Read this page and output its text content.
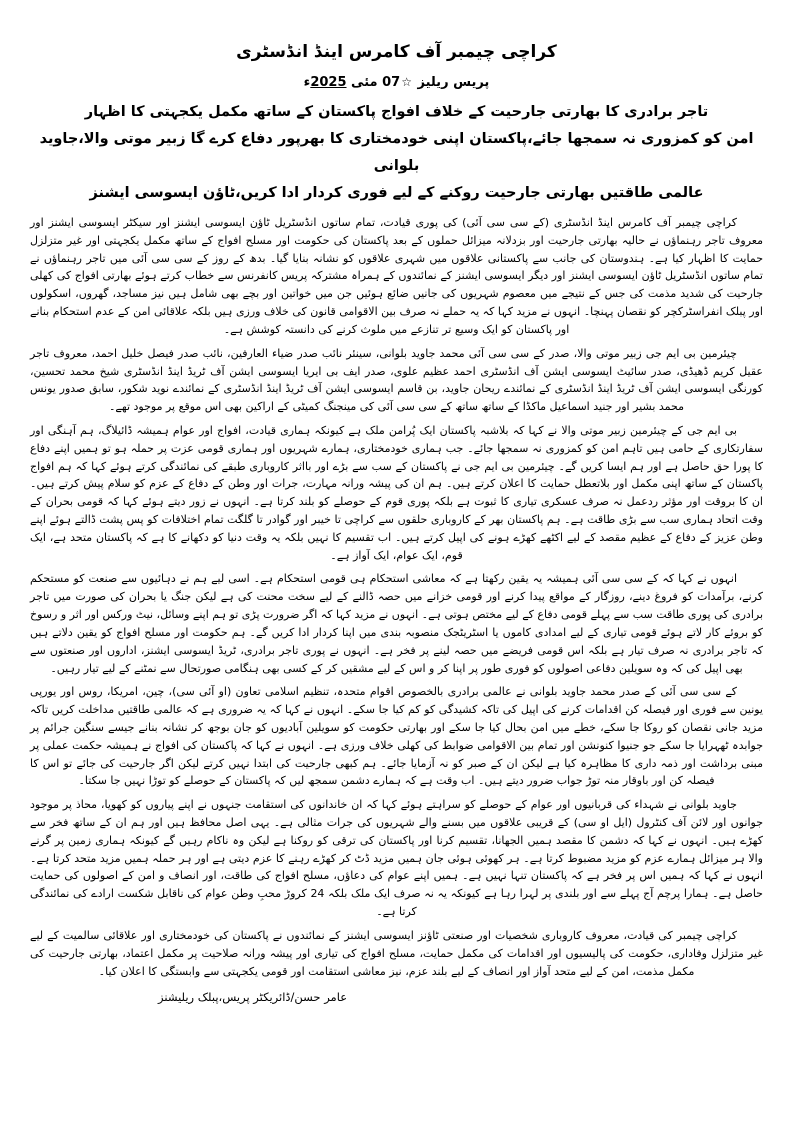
کراچی چیمبر آف کامرس اینڈ انڈسٹری
پریس ریلیز ☆07 مئی 2025ء
تاجر برادری کا بھارتی جارحیت کے خلاف افواج پاکستان کے ساتھ مکمل یکجہتی کا اظہار
امن کو کمزوری نہ سمجھا جائے،پاکستان اپنی خودمختاری کا بھرپور دفاع کرے گا زبیر موتی والا،جاوید بلوانی
عالمی طاقتیں بھارتی جارحیت روکنے کے لیے فوری کردار ادا کریں،ٹاؤن ایسوسی ایشنز

کراچی چیمبر آف کامرس اینڈ انڈسٹری (کے سی سی آئی) کی پوری قیادت، تمام ساتوں انڈسٹریل ٹاؤن ایسوسی ایشنز اور سیکٹر ایسوسی ایشنز اور معروف تاجر رہنماؤں نے حالیہ بھارتی جارحیت اور بزدلانہ میزائل حملوں کے بعد پاکستان کی حکومت اور مسلح افواج کے ساتھ مکمل یکجہتی اور غیر متزلزل حمایت کا اظہار کیا ہے۔ ہندوستان کی جانب سے پاکستانی علاقوں میں شہری علاقوں کو نشانہ بنایا گیا۔ بدھ کے روز کے سی سی آئی میں تاجر رہنماؤں نے تمام ساتوں انڈسٹریل ٹاؤن ایسوسی ایشنز اور دیگر ایسوسی ایشنز کے نمائندوں کے ہمراہ مشترکہ پریس کانفرنس سے خطاب کرتے ہوئے بھارتی افواج کی کھلی جارحیت کی شدید مذمت کی جس کے نتیجے میں معصوم شہریوں کی جانیں ضائع ہوئیں جن میں خواتین اور بچے بھی شامل ہیں نیز مساجد، گھروں، اسکولوں اور پبلک انفراسٹرکچر کو نقصان پہنچا۔ انہوں نے مزید کہا کہ یہ حملے نہ صرف بین الاقوامی قانون کی خلاف ورزی ہیں بلکہ علاقائی امن کے عدم استحکام بنانے اور پاکستان کو ایک وسیع تر تنازعے میں ملوث کرنے کی دانستہ کوشش ہے۔

چیئرمین بی ایم جی زبیر موتی والا، صدر کے سی سی آئی محمد جاوید بلوانی، سینئر نائب صدر ضیاء العارفین، نائب صدر فیصل خلیل احمد، معروف تاجر عقیل کریم ڈھیڈی، صدر سائیٹ ایسوسی ایشن آف انڈسٹری احمد عظیم علوی، صدر ایف بی ایریا ایسوسی ایشن آف ٹریڈ اینڈ انڈسٹری شیخ محمد تحسین، کورنگی ایسوسی ایشن آف ٹریڈ اینڈ انڈسٹری کے نمائندے ریحان جاوید، بن قاسم ایسوسی ایشن آف ٹریڈ اینڈ انڈسٹری کے نمائندے نوید شکور، سابق صدور یونس محمد بشیر اور جنید اسماعیل ماکڈا کے ساتھ ساتھ کے سی سی آئی کی مینجنگ کمیٹی کے اراکین بھی اس موقع پر موجود تھے۔

بی ایم جی کے چیئرمین زبیر موتی والا نے کہا کہ بلاشبہ پاکستان ایک پُرامن ملک ہے کیونکہ ہماری قیادت، افواج اور عوام ہمیشہ ڈائیلاگ، ہم آہنگی اور سفارتکاری کے حامی ہیں تاہم امن کو کمزوری نہ سمجھا جائے۔ جب ہماری خودمختاری، ہمارے شہریوں اور ہماری قومی عزت پر حملہ ہو تو ہمیں اپنے دفاع کا پورا حق حاصل ہے اور ہم ایسا کریں گے۔ چیئرمین بی ایم جی نے پاکستان کے سب سے بڑے اور بااثر کاروباری طبقے کی نمائندگی کرتے ہوئے کہا کہ ہم افواج پاکستان کے ساتھ اپنی مکمل اور بلاتعطل حمایت کا اعلان کرتے ہیں۔ ہم ان کی پیشہ ورانہ مہارت، جرات اور وطن کے دفاع کے عزم کو سلام پیش کرتے ہیں۔ ان کا بروقت اور مؤثر ردعمل نہ صرف عسکری تیاری کا ثبوت ہے بلکہ پوری قوم کے حوصلے کو بلند کرتا ہے۔ انہوں نے زور دیتے ہوئے کہا کہ قومی بحران کے وقت اتحاد ہماری سب سے بڑی طاقت ہے۔ ہم پاکستان بھر کے کاروباری حلقوں سے کراچی تا خیبر اور گوادر تا گلگت تمام اختلافات کو پس پشت ڈالتے ہوئے اپنے وطن عزیز کے دفاع کے عظیم مقصد کے لیے اکٹھے کھڑے ہونے کی اپیل کرتے ہیں۔ اب تقسیم کا نہیں بلکہ یہ وقت دنیا کو دکھانے کا ہے کہ پاکستان متحد ہے، ایک قوم، ایک عوام، ایک آواز ہے۔

انہوں نے کہا کہ کے سی سی آئی ہمیشہ یہ یقین رکھتا ہے کہ معاشی استحکام ہی قومی استحکام ہے۔ اسی لیے ہم نے دہائیوں سے صنعت کو مستحکم کرنے، برآمدات کو فروغ دینے، روزگار کے مواقع پیدا کرنے اور قومی خزانے میں حصہ ڈالنے کے لیے سخت محنت کی ہے لیکن جنگ یا بحران کی صورت میں تاجر برادری کی پوری طاقت سب سے پہلے قومی دفاع کے لیے مختص ہوتی ہے۔ انہوں نے مزید کہا کہ اگر ضرورت پڑی تو ہم اپنے وسائل، نیٹ ورکس اور اثر و رسوخ کو بروئے کار لاتے ہوئے قومی تیاری کے لیے امدادی کاموں یا اسٹریٹجک منصوبہ بندی میں اپنا کردار ادا کریں گے۔ ہم حکومت اور مسلح افواج کو یقین دلاتے ہیں کہ تاجر برادری نہ صرف تیار ہے بلکہ اس قومی فریضے میں حصہ لینے پر فخر ہے۔ انہوں نے پوری تاجر برادری، ٹریڈ ایسوسی ایشنز، اداروں اور صنعتوں سے بھی اپیل کی کہ وہ سویلین دفاعی اصولوں کو فوری طور پر اپنا کر و اس کے لیے مشقیں کر کے کسی بھی ہنگامی صورتحال سے نمٹنے کے لیے تیار رہیں۔

کے سی سی آئی کے صدر محمد جاوید بلوانی نے عالمی برادری بالخصوص اقوام متحدہ، تنظیم اسلامی تعاون (او آئی سی)، چین، امریکا، روس اور یورپی یونین سے فوری اور فیصلہ کن اقدامات کرنے کی اپیل کی تاکہ کشیدگی کو کم کیا جا سکے۔ انہوں نے کہا کہ یہ ضروری ہے کہ عالمی طاقتیں مداخلت کریں تاکہ مزید جانی نقصان کو روکا جا سکے، خطے میں امن بحال کیا جا سکے اور بھارتی حکومت کو سویلین آبادیوں کو جان بوجھ کر نشانہ بنانے جیسے سنگین جرائم پر جوابدہ ٹھہرایا جا سکے جو جنیوا کنونشن اور تمام بین الاقوامی ضوابط کی کھلی خلاف ورزی ہے۔ انہوں نے کہا کہ پاکستان کی افواج نے ہمیشہ حکمت عملی پر مبنی برداشت اور ذمہ داری کا مظاہرہ کیا ہے لیکن ان کے صبر کو نہ آزمایا جائے۔ ہم کبھی جارحیت کی ابتدا نہیں کرتے لیکن اگر جارحیت کی جائے تو اس کا فیصلہ کن اور باوقار منہ توڑ جواب ضرور دیتے ہیں۔ اب وقت ہے کہ ہمارے دشمن سمجھ لیں کہ پاکستان کے حوصلے کو توڑا نہیں جا سکتا۔

جاوید بلوانی نے شہداء کی قربانیوں اور عوام کے حوصلے کو سراہتے ہوئے کہا کہ ان خاندانوں کی استقامت جنہوں نے اپنے پیاروں کو کھویا، محاذ پر موجود جوانوں اور لائن آف کنٹرول (ایل او سی) کے قریبی علاقوں میں بسنے والے شہریوں کی جرات مثالی ہے۔ یہی اصل محافظ ہیں اور ہم ان کے ساتھ فخر سے کھڑے ہیں۔ انہوں نے کہا کہ دشمن کا مقصد ہمیں الجھانا، تقسیم کرنا اور پاکستان کی ترقی کو روکنا ہے لیکن وہ ناکام رہیں گے کیونکہ ہماری زمین پر گرنے والا ہر میزائل ہمارے عزم کو مزید مضبوط کرتا ہے۔ ہر کھوئی ہوئی جان ہمیں مزید ڈٹ کر کھڑے رہنے کا عزم دیتی ہے اور ہر حملہ ہمیں مزید متحد کرتا ہے۔ انہوں نے کہا کہ ہمیں اس پر فخر ہے کہ پاکستان تنہا نہیں ہے۔ ہمیں اپنے عوام کی دعاؤں، مسلح افواج کی طاقت، اور انصاف و امن کے اصولوں کی حمایت حاصل ہے۔ ہمارا پرچم آج پہلے سے اور بلندی پر لہرا رہا ہے کیونکہ یہ نہ صرف ایک ملک بلکہ 24 کروڑ محبِ وطن عوام کی ناقابل شکست ارادے کی نمائندگی کرتا ہے۔

کراچی چیمبر کی قیادت، معروف کاروباری شخصیات اور صنعتی ٹاؤنز ایسوسی ایشنز کے نمائندوں نے پاکستان کی خودمختاری اور علاقائی سالمیت کے لیے غیر متزلزل وفاداری، حکومت کی پالیسیوں اور اقدامات کی مکمل حمایت، مسلح افواج کی تیاری اور پیشہ ورانہ صلاحیت پر مکمل اعتماد، بھارتی جارحیت کی مکمل مذمت، امن کے لیے متحد آواز اور انصاف کے لیے بلند عزم، نیز معاشی استقامت اور قومی یکجہتی سے وابستگی کا اعلان کیا۔

عامر حسن/ڈائریکٹر پریس،پبلک ریلیشنز
